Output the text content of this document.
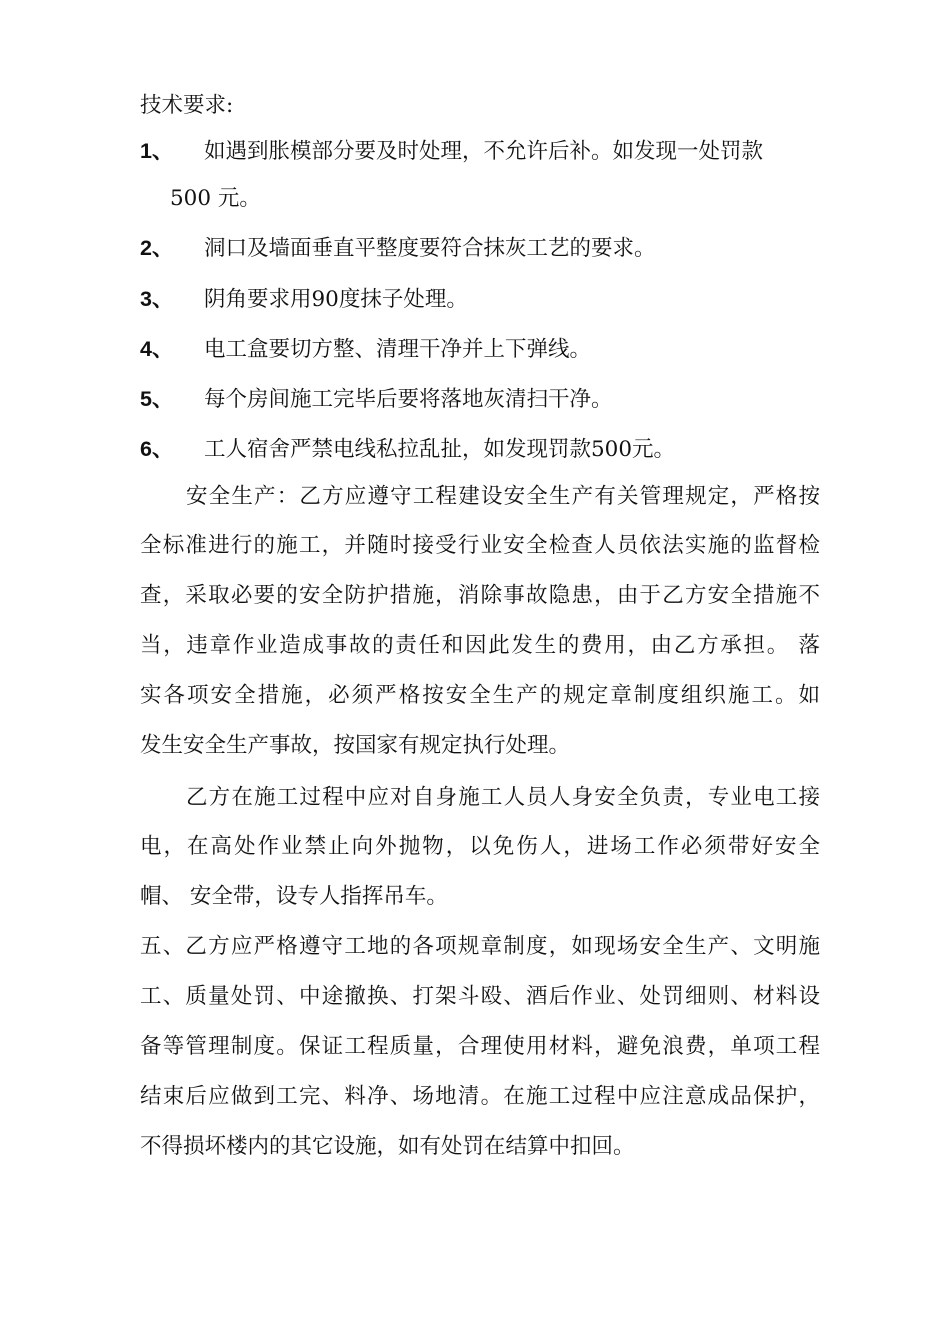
技术要求:
1、 如遇到胀模部分要及时处理，不允许后补。如发现一处罚款
500 元。
2、 洞口及墙面垂直平整度要符合抹灰工艺的要求。
3、 阴角要求用90度抹子处理。
4、 电工盒要切方整、清理干净并上下弹线。
5、 每个房间施工完毕后要将落地灰清扫干净。
6、 工人宿舍严禁电线私拉乱扯，如发现罚款500元。
安全生产：乙方应遵守工程建设安全生产有关管理规定，严格按
全标准进行的施工，并随时接受行业安全检查人员依法实施的监督检
查，采取必要的安全防护措施，消除事故隐患，由于乙方安全措施不
当，违章作业造成事故的责任和因此发生的费用，由乙方承担。 落
实各项安全措施，必须严格按安全生产的规定章制度组织施工。如
发生安全生产事故，按国家有规定执行处理。
乙方在施工过程中应对自身施工人员人身安全负责，专业电工接
电，在高处作业禁止向外抛物，以免伤人，进场工作必须带好安全
帽、 安全带，设专人指挥吊车。
五、乙方应严格遵守工地的各项规章制度，如现场安全生产、文明施
工、质量处罚、中途撤换、打架斗殴、酒后作业、处罚细则、材料设
备等管理制度。保证工程质量，合理使用材料，避免浪费，单项工程
结束后应做到工完、料净、场地清。在施工过程中应注意成品保护，
不得损坏楼内的其它设施，如有处罚在结算中扣回。
